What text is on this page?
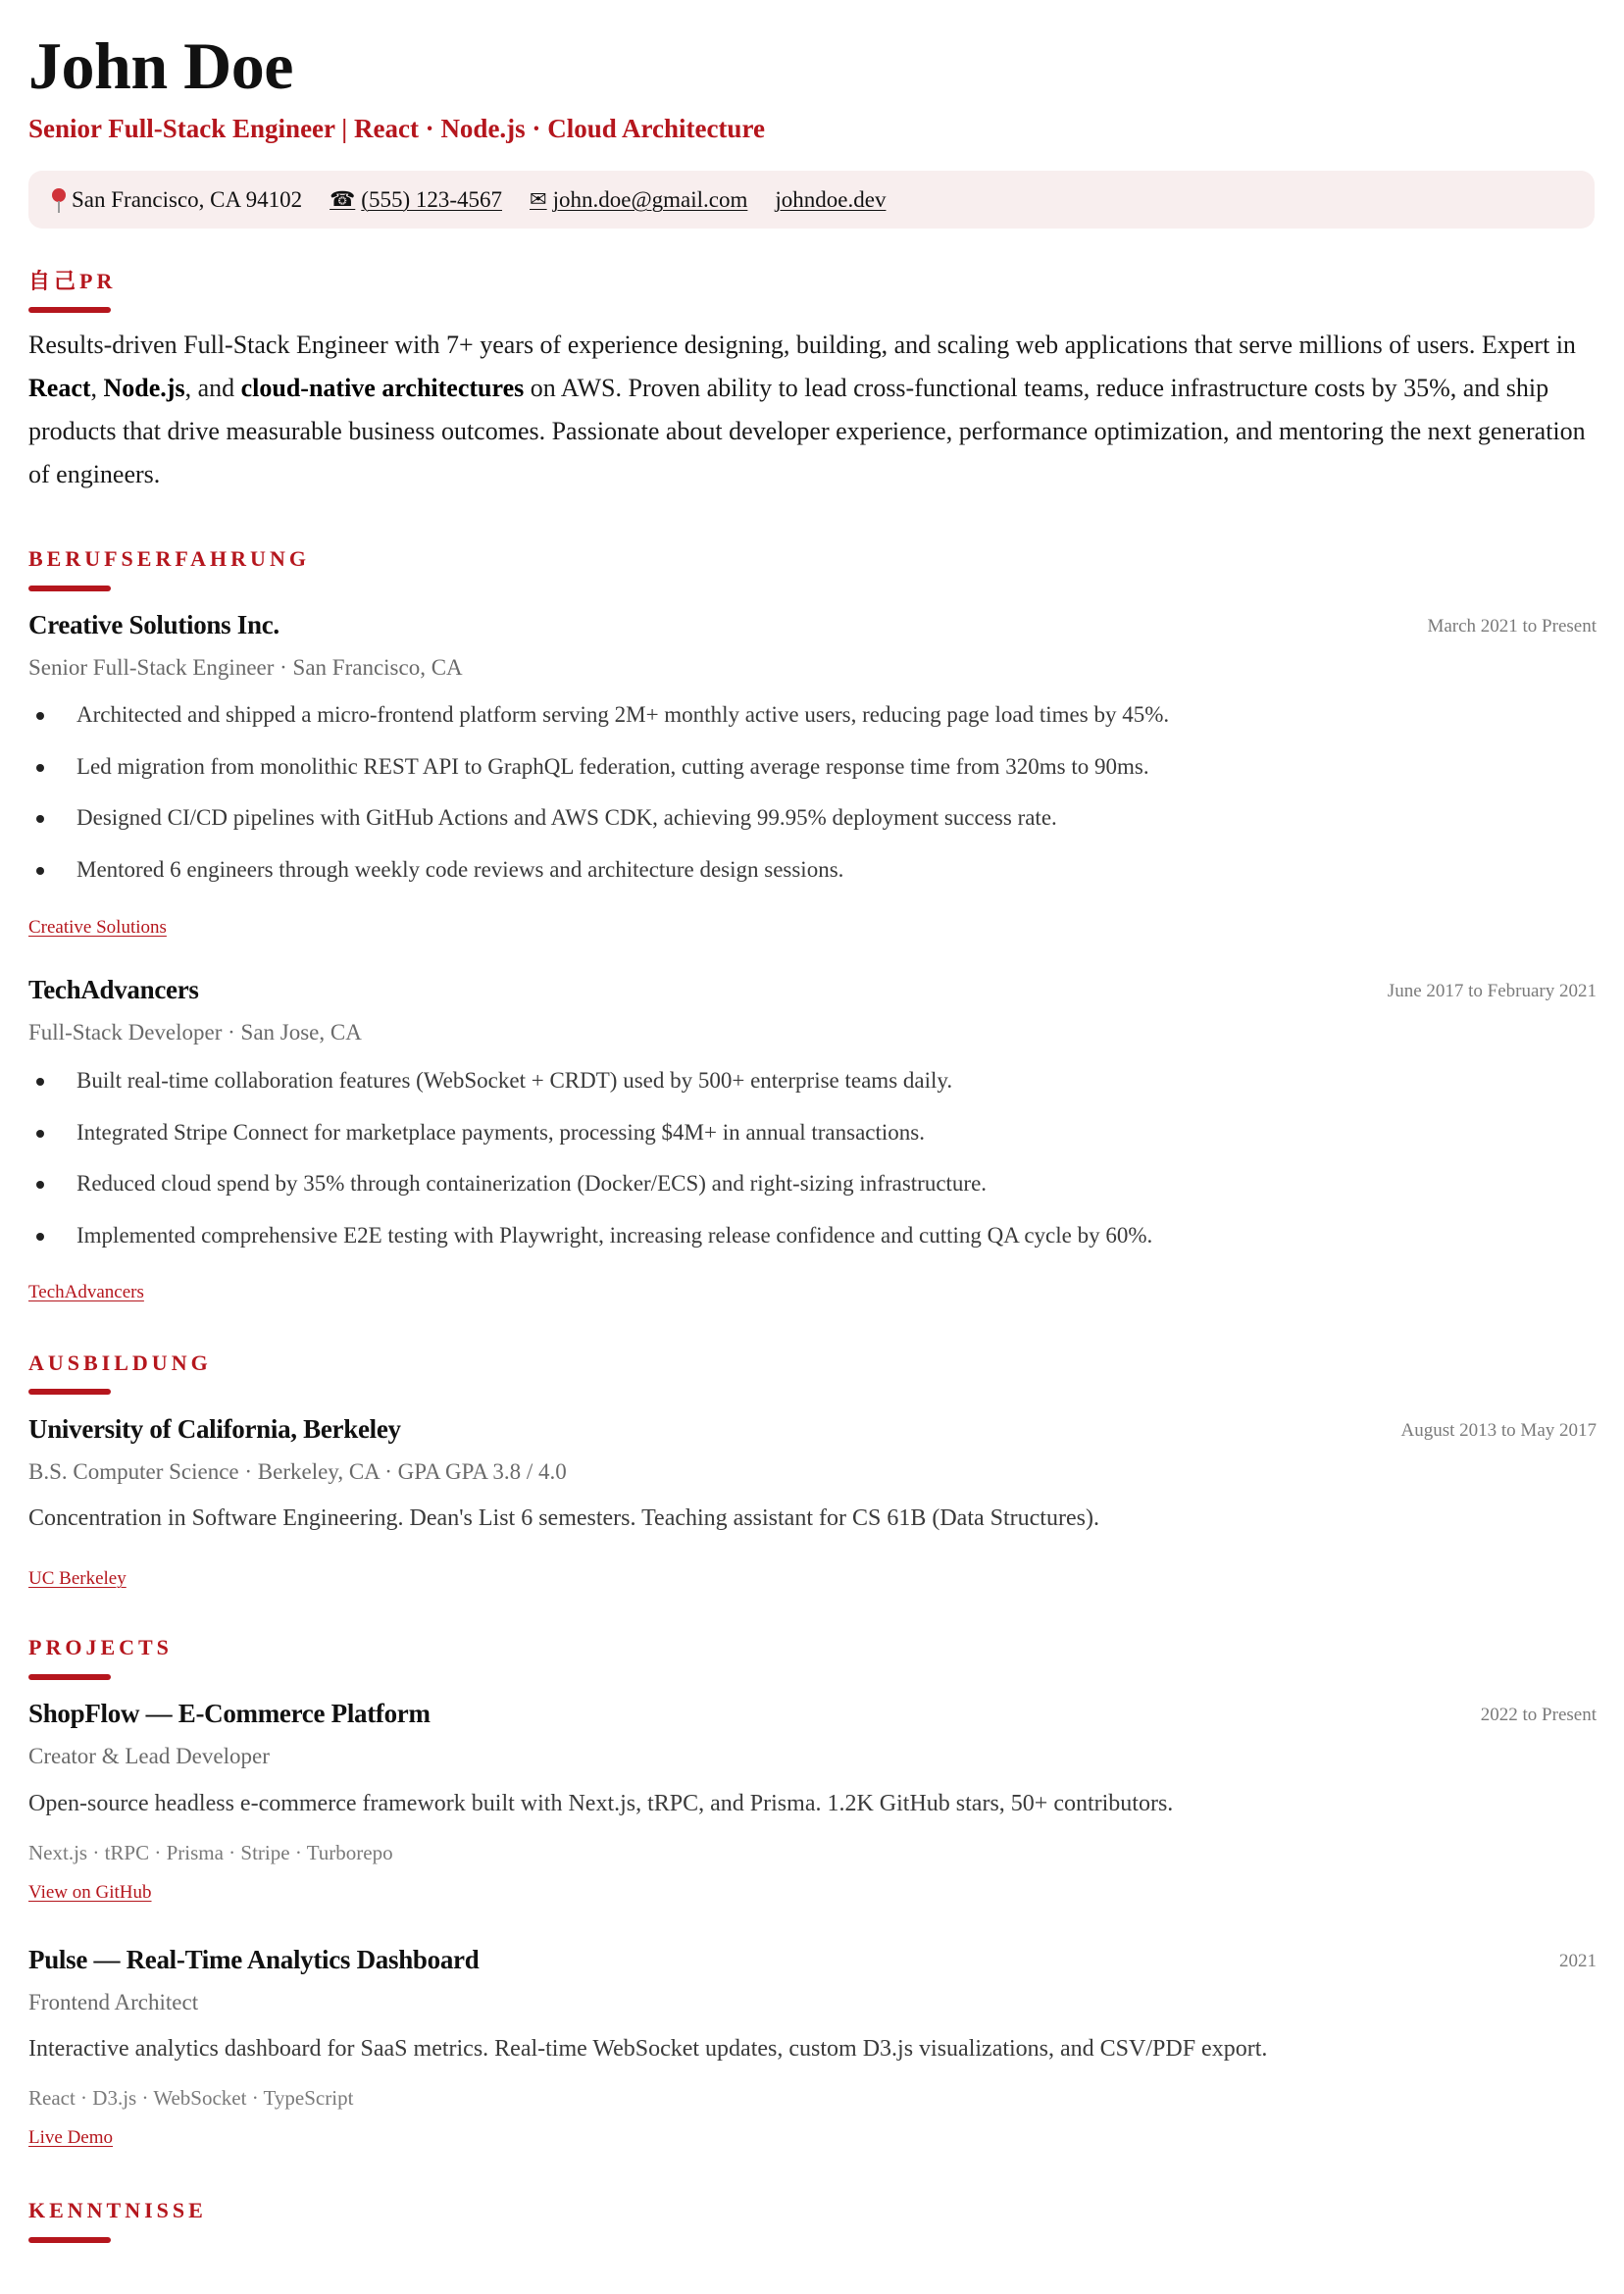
John Doe
Senior Full-Stack Engineer | React · Node.js · Cloud Architecture
San Francisco, CA 94102 ☎ (555) 123-4567 ✉ john.doe@gmail.com johndoe.dev
自己PR

Results-driven Full-Stack Engineer with 7+ years of experience designing, building, and scaling web applications that serve millions of users. Expert in React, Node.js, and cloud-native architectures on AWS. Proven ability to lead cross-functional teams, reduce infrastructure costs by 35%, and ship products that drive measurable business outcomes. Passionate about developer experience, performance optimization, and mentoring the next generation of engineers.

BERUFSERFAHRUNG
Creative Solutions Inc.	March 2021 to Present
Senior Full-Stack Engineer · San Francisco, CA
Architected and shipped a micro-frontend platform serving 2M+ monthly active users, reducing page load times by 45%.
Led migration from monolithic REST API to GraphQL federation, cutting average response time from 320ms to 90ms.
Designed CI/CD pipelines with GitHub Actions and AWS CDK, achieving 99.95% deployment success rate.
Mentored 6 engineers through weekly code reviews and architecture design sessions.
Creative Solutions
TechAdvancers	June 2017 to February 2021
Full-Stack Developer · San Jose, CA
Built real-time collaboration features (WebSocket + CRDT) used by 500+ enterprise teams daily.
Integrated Stripe Connect for marketplace payments, processing $4M+ in annual transactions.
Reduced cloud spend by 35% through containerization (Docker/ECS) and right-sizing infrastructure.
Implemented comprehensive E2E testing with Playwright, increasing release confidence and cutting QA cycle by 60%.
TechAdvancers
AUSBILDUNG
University of California, Berkeley	August 2013 to May 2017
B.S. Computer Science · Berkeley, CA · GPA GPA 3.8 / 4.0

Concentration in Software Engineering. Dean's List 6 semesters. Teaching assistant for CS 61B (Data Structures).

UC Berkeley
PROJECTS
ShopFlow — E-Commerce Platform	2022 to Present
Creator & Lead Developer

Open-source headless e-commerce framework built with Next.js, tRPC, and Prisma. 1.2K GitHub stars, 50+ contributors.

Next.js · tRPC · Prisma · Stripe · Turborepo
View on GitHub
Pulse — Real-Time Analytics Dashboard	2021
Frontend Architect

Interactive analytics dashboard for SaaS metrics. Real-time WebSocket updates, custom D3.js visualizations, and CSV/PDF export.

React · D3.js · WebSocket · TypeScript
Live Demo
KENNTNISSE
